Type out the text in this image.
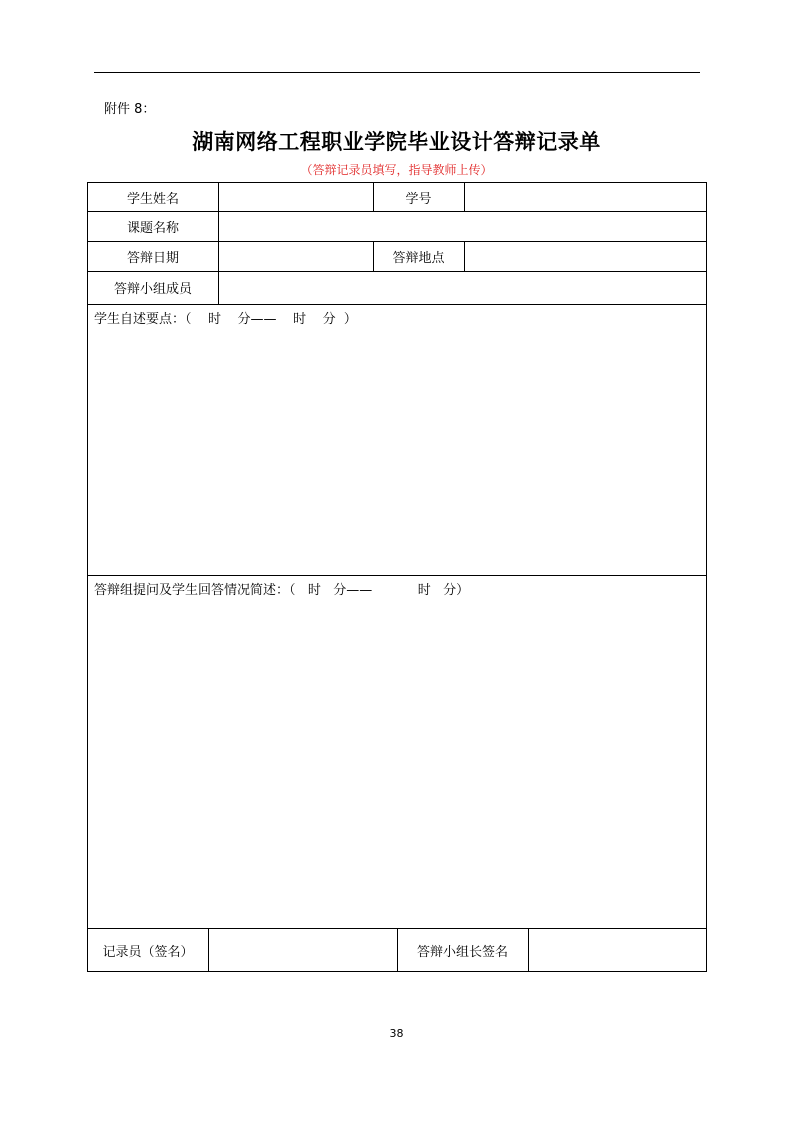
附件 8：
湖南网络工程职业学院毕业设计答辩记录单
（答辩记录员填写，指导教师上传）
学生姓名	学号
课题名称
答辩日期	答辩地点
答辩小组成员
学生自述要点：（    时    分——    时    分  ）
答辩组提问及学生回答情况简述：（   时   分——           时   分）
记录员（签名）	答辩小组长签名
38
